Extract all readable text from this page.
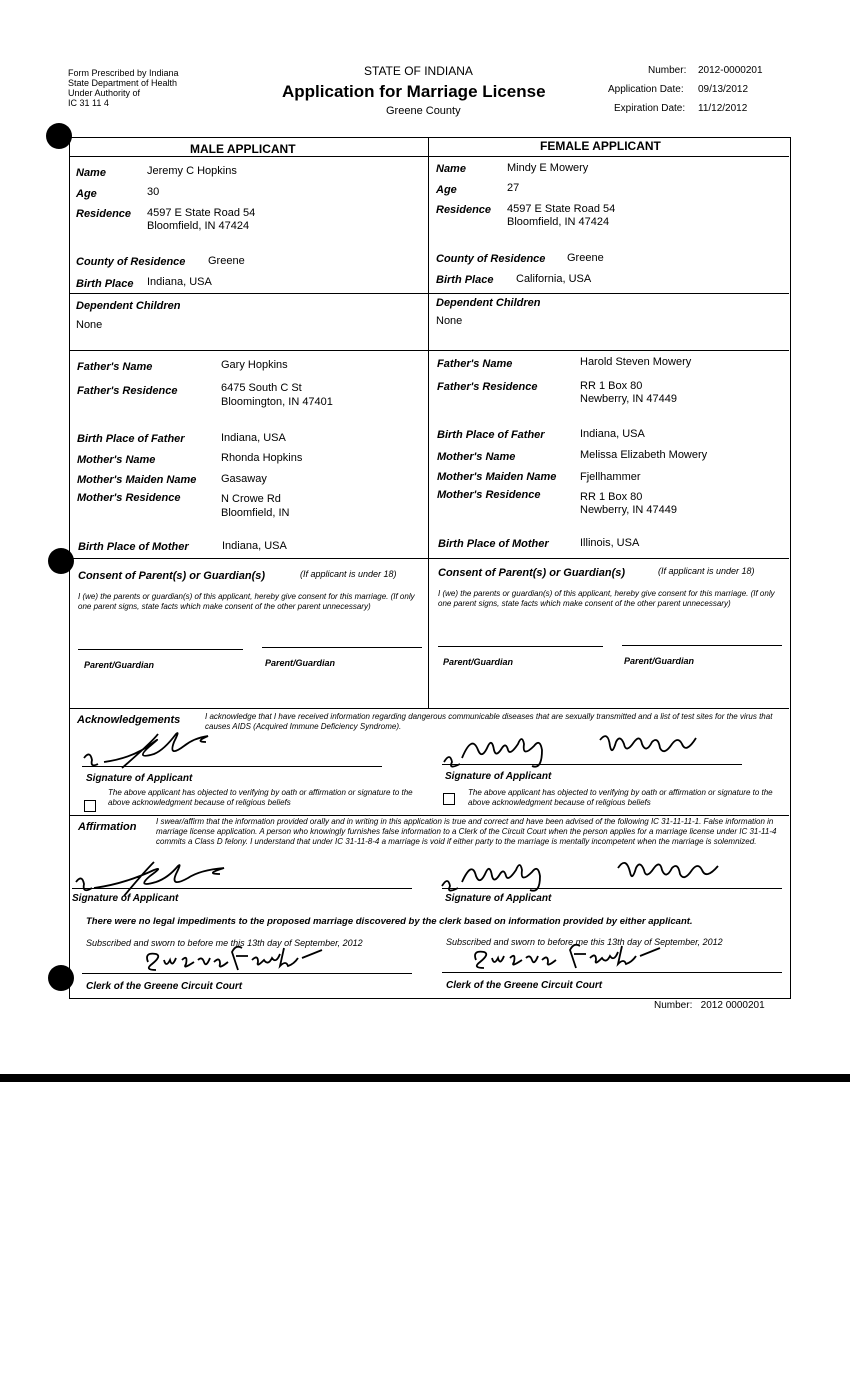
Form Prescribed by Indiana
State Department of Health
Under Authority of
IC 31 11 4
STATE OF INDIANA
Application for Marriage License
Greene County
Number: 2012-0000201
Application Date: 09/13/2012
Expiration Date: 11/12/2012
MALE APPLICANT	FEMALE APPLICANT
Name	Jeremy C Hopkins
Age	30
Residence 4597 E State Road 54
Bloomfield, IN 47424
County of Residence Greene
Birth Place Indiana, USA
Dependent Children
None
Father's Name	Gary Hopkins
Father's Residence	6475 South C St
Bloomington, IN 47401
Birth Place of Father	Indiana, USA
Mother's Name	Rhonda Hopkins
Mother's Maiden Name Gasaway
Mother's Residence	N Crowe Rd
Bloomfield, IN
Birth Place of Mother	Indiana, USA
Name	Mindy E Mowery
Age	27
Residence 4597 E State Road 54
Bloomfield, IN 47424
County of Residence Greene
Birth Place California, USA
Dependent Children
None
Father's Name	Harold Steven Mowery
Father's Residence	RR 1 Box 80
Newberry, IN 47449
Birth Place of Father	Indiana, USA
Mother's Name	Melissa Elizabeth Mowery
Mother's Maiden Name Fjellhammer
Mother's Residence	RR 1 Box 80
Newberry, IN 47449
Birth Place of Mother	Illinois, USA
Consent of Parent(s) or Guardian(s)	(If applicant is under 18)
I (we) the parents or guardian(s) of this applicant, hereby give consent for this marriage. (If only one parent signs, state facts which make consent of the other parent unnecessary)
Parent/Guardian	Parent/Guardian
Consent of Parent(s) or Guardian(s)	(If applicant is under 18)
I (we) the parents or guardian(s) of this applicant, hereby give consent for this marriage. (If only one parent signs, state facts which make consent of the other parent unnecessary)
Parent/Guardian	Parent/Guardian
Acknowledgements	I acknowledge that I have received information regarding dangerous communicable diseases that are sexually transmitted and a list of test sites for the virus that causes AIDS (Acquired Immune Deficiency Syndrome).
Signature of Applicant
The above applicant has objected to verifying by oath or affirmation or signature to the above acknowledgment because of religious beliefs
Signature of Applicant
The above applicant has objected to verifying by oath or affirmation or signature to the above acknowledgment because of religious beliefs
Affirmation I swear/affirm that the information provided orally and in writing in this application is true and correct and have been advised of the following IC 31-11-11-1. False information in marriage license application. A person who knowingly furnishes false information to a Clerk of the Circuit Court when the person applies for a marriage license under IC 31-11-4 commits a Class D felony. I understand that under IC 31-11-8-4 a marriage is void if either party to the marriage is mentally incompetent when the marriage is solemnized.
Signature of Applicant	Signature of Applicant
There were no legal impediments to the proposed marriage discovered by the clerk based on information provided by either applicant.
Subscribed and sworn to before me this 13th day of September, 2012	Subscribed and sworn to before me this 13th day of September, 2012
Clerk of the Greene Circuit Court	Clerk of the Greene Circuit Court
Number:   2012 0000201
